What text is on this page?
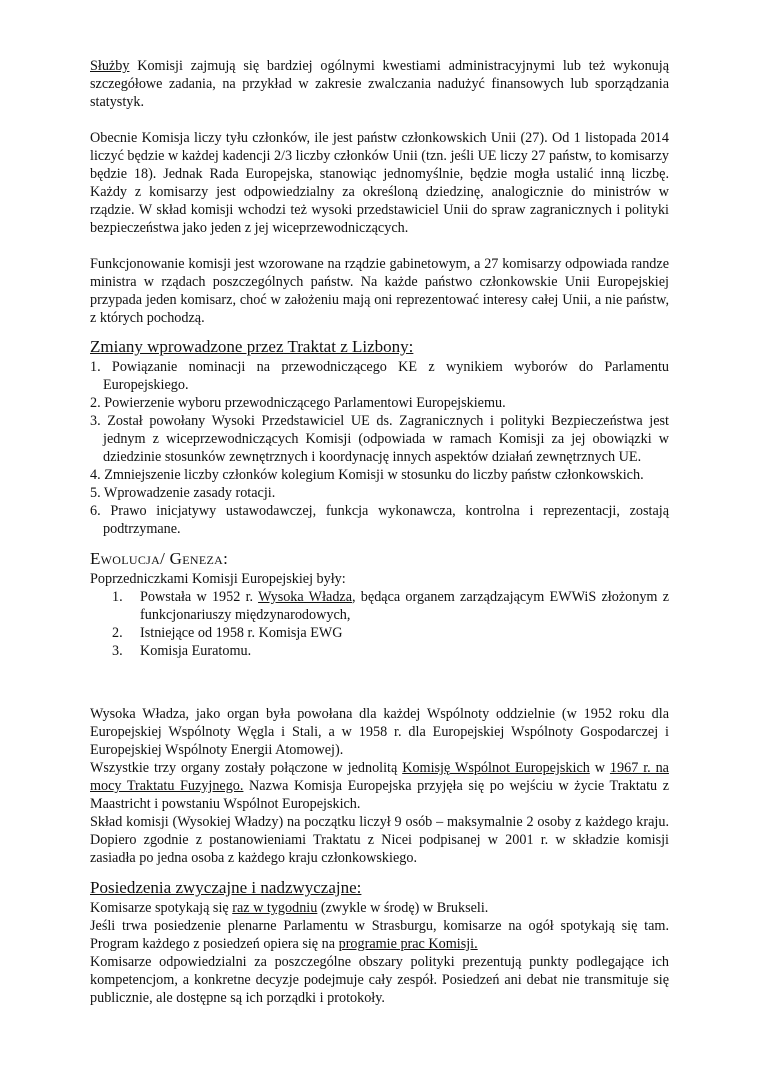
Służby Komisji zajmują się bardziej ogólnymi kwestiami administracyjnymi lub też wykonują szczegółowe zadania, na przykład w zakresie zwalczania nadużyć finansowych lub sporządzania statystyk.

Obecnie Komisja liczy tyłu członków, ile jest państw członkowskich Unii (27). Od 1 listopada 2014 liczyć będzie w każdej kadencji 2/3 liczby członków Unii (tzn. jeśli UE liczy 27 państw, to komisarzy będzie 18). Jednak Rada Europejska, stanowiąc jednomyślnie, będzie mogła ustalić inną liczbę. Każdy z komisarzy jest odpowiedzialny za określoną dziedzinę, analogicznie do ministrów w rządzie. W skład komisji wchodzi też wysoki przedstawiciel Unii do spraw zagranicznych i polityki bezpieczeństwa jako jeden z jej wiceprzewodniczących.

Funkcjonowanie komisji jest wzorowane na rządzie gabinetowym, a 27 komisarzy odpowiada randze ministra w rządach poszczególnych państw. Na każde państwo członkowskie Unii Europejskiej przypada jeden komisarz, choć w założeniu mają oni reprezentować interesy całej Unii, a nie państw, z których pochodzą.

Zmiany wprowadzone przez Traktat z Lizbony:
1. Powiązanie nominacji na przewodniczącego KE z wynikiem wyborów do Parlamentu Europejskiego.
2. Powierzenie wyboru przewodniczącego Parlamentowi Europejskiemu.
3. Został powołany Wysoki Przedstawiciel UE ds. Zagranicznych i polityki Bezpieczeństwa jest jednym z wiceprzewodniczących Komisji (odpowiada w ramach Komisji za jej obowiązki w dziedzinie stosunków zewnętrznych i koordynację innych aspektów działań zewnętrznych UE.
4. Zmniejszenie liczby członków kolegium Komisji w stosunku do liczby państw członkowskich.
5. Wprowadzenie zasady rotacji.
6. Prawo inicjatywy ustawodawczej, funkcja wykonawcza, kontrolna i reprezentacji, zostają podtrzymane.
Ewolucja/ Geneza:

Poprzedniczkami Komisji Europejskiej były:

1. Powstała w 1952 r. Wysoka Władza, będąca organem zarządzającym EWWiS złożonym z funkcjonariuszy międzynarodowych,
2. Istniejące od 1958 r. Komisja EWG
3. Komisja Euratomu.

Wysoka Władza, jako organ była powołana dla każdej Wspólnoty oddzielnie (w 1952 roku dla Europejskiej Wspólnoty Węgla i Stali, a w 1958 r. dla Europejskiej Wspólnoty Gospodarczej i Europejskiej Wspólnoty Energii Atomowej).

Wszystkie trzy organy zostały połączone w jednolitą Komisję Wspólnot Europejskich w 1967 r. na mocy Traktatu Fuzyjnego. Nazwa Komisja Europejska przyjęła się po wejściu w życie Traktatu z Maastricht i powstaniu Wspólnot Europejskich.

Skład komisji (Wysokiej Władzy) na początku liczył 9 osób – maksymalnie 2 osoby z każdego kraju. Dopiero zgodnie z postanowieniami Traktatu z Nicei podpisanej w 2001 r. w składzie komisji zasiadła po jedna osoba z każdego kraju członkowskiego.

Posiedzenia zwyczajne i nadzwyczajne:

Komisarze spotykają się raz w tygodniu (zwykle w środę) w Brukseli.

Jeśli trwa posiedzenie plenarne Parlamentu w Strasburgu, komisarze na ogół spotykają się tam. Program każdego z posiedzeń opiera się na programie prac Komisji.

Komisarze odpowiedzialni za poszczególne obszary polityki prezentują punkty podlegające ich kompetencjom, a konkretne decyzje podejmuje cały zespół. Posiedzeń ani debat nie transmituje się publicznie, ale dostępne są ich porządki i protokoły.
